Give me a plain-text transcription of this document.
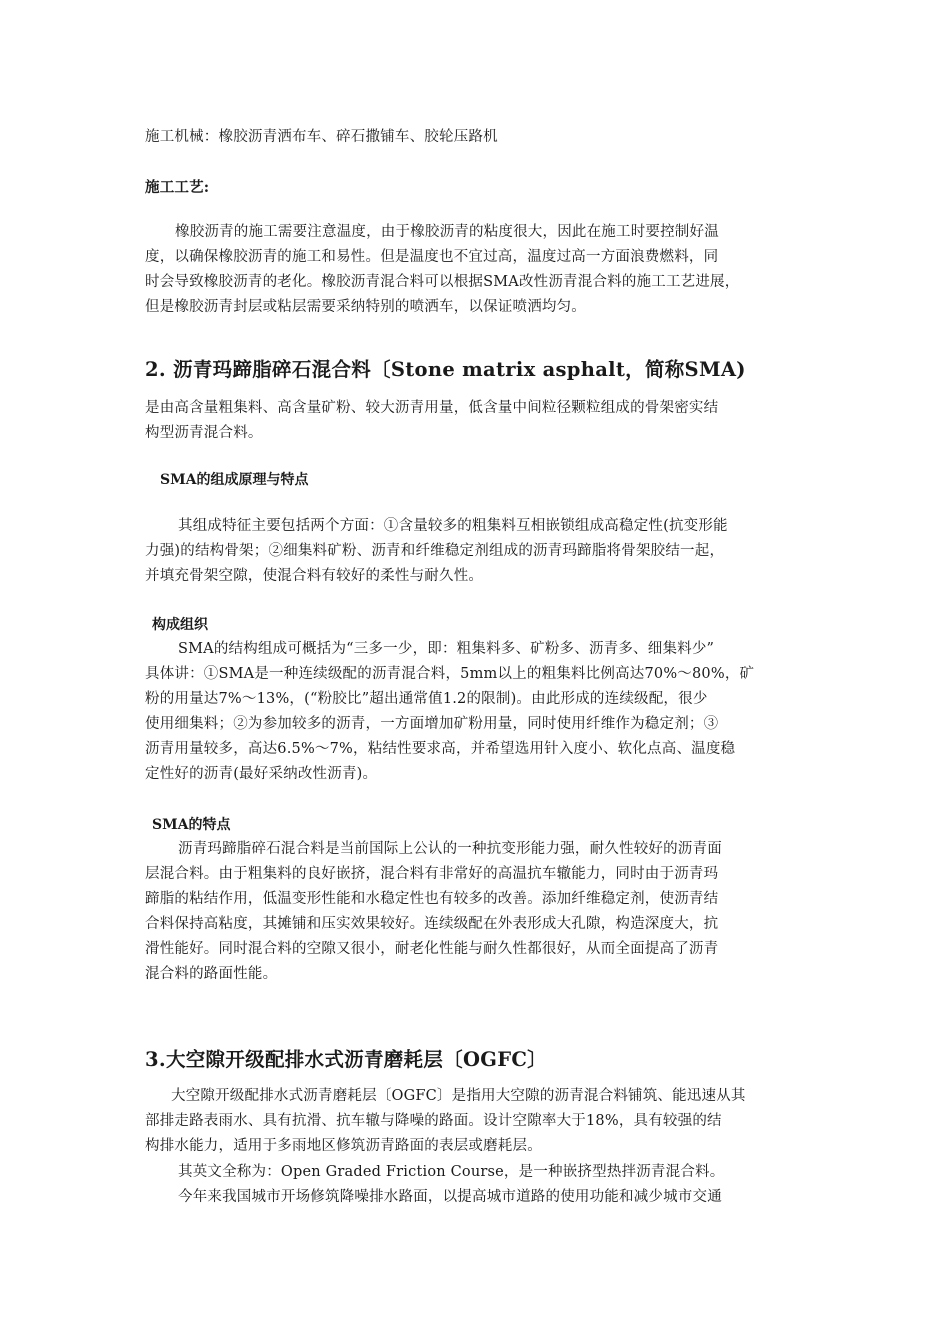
施工机械：橡胶沥青洒布车、碎石撒铺车、胶轮压路机
施工工艺:
橡胶沥青的施工需要注意温度，由于橡胶沥青的粘度很大，因此在施工时要控制好温
度，以确保橡胶沥青的施工和易性。但是温度也不宜过高，温度过高一方面浪费燃料，同
时会导致橡胶沥青的老化。橡胶沥青混合料可以根据SMA改性沥青混合料的施工工艺进展，
但是橡胶沥青封层或粘层需要采纳特别的喷洒车，以保证喷洒均匀。
2. 沥青玛蹄脂碎石混合料〔Stone matrix asphalt，简称SMA)
是由高含量粗集料、高含量矿粉、较大沥青用量，低含量中间粒径颗粒组成的骨架密实结
构型沥青混合料。
SMA的组成原理与特点
其组成特征主要包括两个方面：①含量较多的粗集料互相嵌锁组成高稳定性(抗变形能
力强)的结构骨架；②细集料矿粉、沥青和纤维稳定剂组成的沥青玛蹄脂将骨架胶结一起，
并填充骨架空隙，使混合料有较好的柔性与耐久性。
构成组织
SMA的结构组成可概括为“三多一少，即：粗集料多、矿粉多、沥青多、细集料少”
具体讲：①SMA是一种连续级配的沥青混合料，5mm以上的粗集料比例高达70%～80%，矿
粉的用量达7%～13%，(“粉胶比”超出通常值1.2的限制)。由此形成的连续级配，很少
使用细集料；②为参加较多的沥青，一方面增加矿粉用量，同时使用纤维作为稳定剂；③
沥青用量较多，高达6.5%～7%，粘结性要求高，并希望选用针入度小、软化点高、温度稳
定性好的沥青(最好采纳改性沥青)。
SMA的特点
沥青玛蹄脂碎石混合料是当前国际上公认的一种抗变形能力强，耐久性较好的沥青面
层混合料。由于粗集料的良好嵌挤，混合料有非常好的高温抗车辙能力，同时由于沥青玛
蹄脂的粘结作用，低温变形性能和水稳定性也有较多的改善。添加纤维稳定剂，使沥青结
合料保持高粘度，其摊铺和压实效果较好。连续级配在外表形成大孔隙，构造深度大，抗
滑性能好。同时混合料的空隙又很小，耐老化性能与耐久性都很好，从而全面提高了沥青
混合料的路面性能。
3.大空隙开级配排水式沥青磨耗层〔OGFC〕
大空隙开级配排水式沥青磨耗层〔OGFC〕是指用大空隙的沥青混合料铺筑、能迅速从其
部排走路表雨水、具有抗滑、抗车辙与降噪的路面。设计空隙率大于18%，具有较强的结
构排水能力，适用于多雨地区修筑沥青路面的表层或磨耗层。
其英文全称为：Open Graded Friction Course，是一种嵌挤型热拌沥青混合料。
今年来我国城市开场修筑降噪排水路面，以提高城市道路的使用功能和减少城市交通
